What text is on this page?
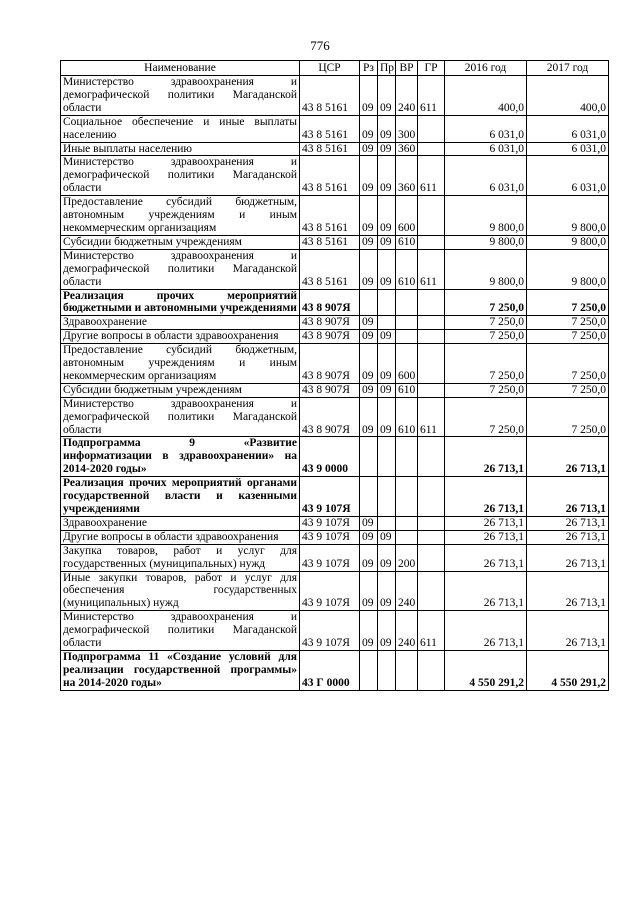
776
Наименование	ЦСР	Рз	Пр	ВР	ГР	2016 год	2017 год
Министерство здравоохранения и демографической политики Магаданской области	43 8 5161	09	09	240	611	400,0	400,0
Социальное обеспечение и иные выплаты населению	43 8 5161	09	09	300		6 031,0	6 031,0
Иные выплаты населению	43 8 5161	09	09	360		6 031,0	6 031,0
Министерство здравоохранения и демографической политики Магаданской области	43 8 5161	09	09	360	611	6 031,0	6 031,0
Предоставление субсидий бюджетным, автономным учреждениям и иным некоммерческим организациям	43 8 5161	09	09	600		9 800,0	9 800,0
Субсидии бюджетным учреждениям	43 8 5161	09	09	610		9 800,0	9 800,0
Министерство здравоохранения и демографической политики Магаданской области	43 8 5161	09	09	610	611	9 800,0	9 800,0
Реализация прочих мероприятий бюджетными и автономными учреждениями	43 8 907Я					7 250,0	7 250,0
Здравоохранение	43 8 907Я	09				7 250,0	7 250,0
Другие вопросы в области здравоохранения	43 8 907Я	09	09			7 250,0	7 250,0
Предоставление субсидий бюджетным, автономным учреждениям и иным некоммерческим организациям	43 8 907Я	09	09	600		7 250,0	7 250,0
Субсидии бюджетным учреждениям	43 8 907Я	09	09	610		7 250,0	7 250,0
Министерство здравоохранения и демографической политики Магаданской области	43 8 907Я	09	09	610	611	7 250,0	7 250,0
Подпрограмма 9 «Развитие информатизации в здравоохранении» на 2014-2020 годы»	43 9 0000					26 713,1	26 713,1
Реализация прочих мероприятий органами государственной власти и казенными учреждениями	43 9 107Я					26 713,1	26 713,1
Здравоохранение	43 9 107Я	09				26 713,1	26 713,1
Другие вопросы в области здравоохранения	43 9 107Я	09	09			26 713,1	26 713,1
Закупка товаров, работ и услуг для государственных (муниципальных) нужд	43 9 107Я	09	09	200		26 713,1	26 713,1
Иные закупки товаров, работ и услуг для обеспечения государственных (муниципальных) нужд	43 9 107Я	09	09	240		26 713,1	26 713,1
Министерство здравоохранения и демографической политики Магаданской области	43 9 107Я	09	09	240	611	26 713,1	26 713,1
Подпрограмма 11 «Создание условий для реализации государственной программы» на 2014-2020 годы»	43 Г 0000					4 550 291,2	4 550 291,2
